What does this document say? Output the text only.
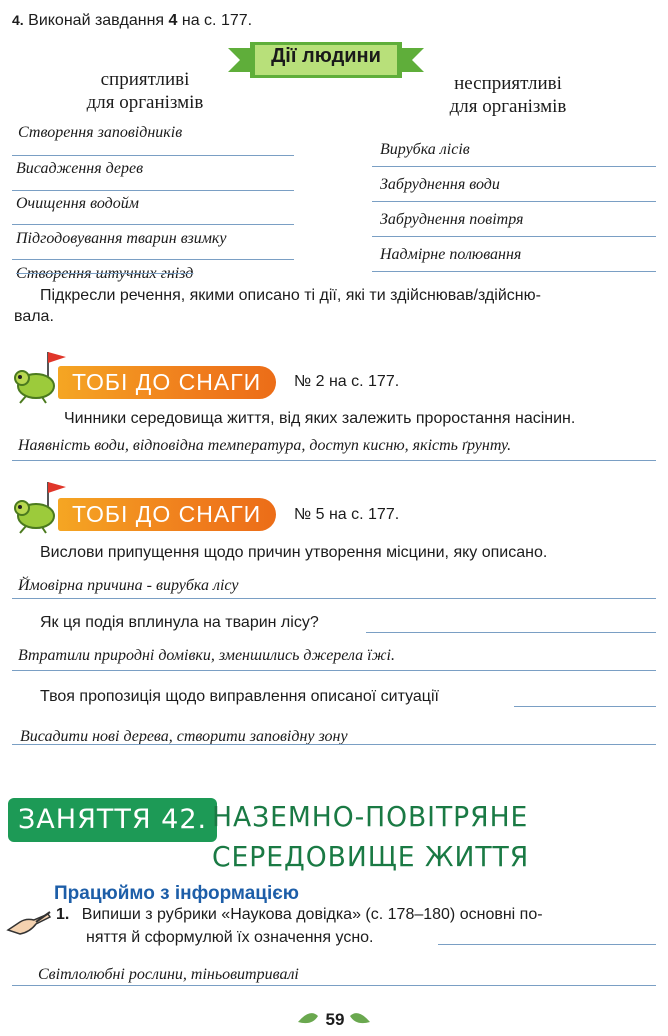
4. Виконай завдання 4 на с. 177.
Дії людини
сприятливі
для організмів
несприятливі
для організмів
Створення заповідників
Висадження дерев
Очищення водойм
Підгодовування тварин взимку
Створення штучних гнізд
Вирубка лісів
Забруднення води
Забруднення повітря
Надмірне полювання
Підкресли речення, якими описано ті дії, які ти здійснював/здійсню-
вала.
ТОБІ ДО СНАГИ	№ 2 на с. 177.
Чинники середовища життя, від яких залежить проростання насінин.
Наявність води, відповідна температура, доступ кисню, якість ґрунту.
ТОБІ ДО СНАГИ	№ 5 на с. 177.
Вислови припущення щодо причин утворення місцини, яку описано.
Ймовірна причина - вирубка лісу
Як ця подія вплинула на тварин лісу?
Втратили природні домівки, зменшились джерела їжі.
Твоя пропозиція щодо виправлення описаної ситуації
Висадити нові дерева, створити заповідну зону
ЗАНЯТТЯ 42. НАЗЕМНО-ПОВІТРЯНЕ
СЕРЕДОВИЩЕ ЖИТТЯ
Працюймо з інформацією
1. Випиши з рубрики «Наукова довідка» (с. 178–180) основні по-
няття й сформулюй їх означення усно.
Світлолюбні рослини, тіньовитривалі
59
